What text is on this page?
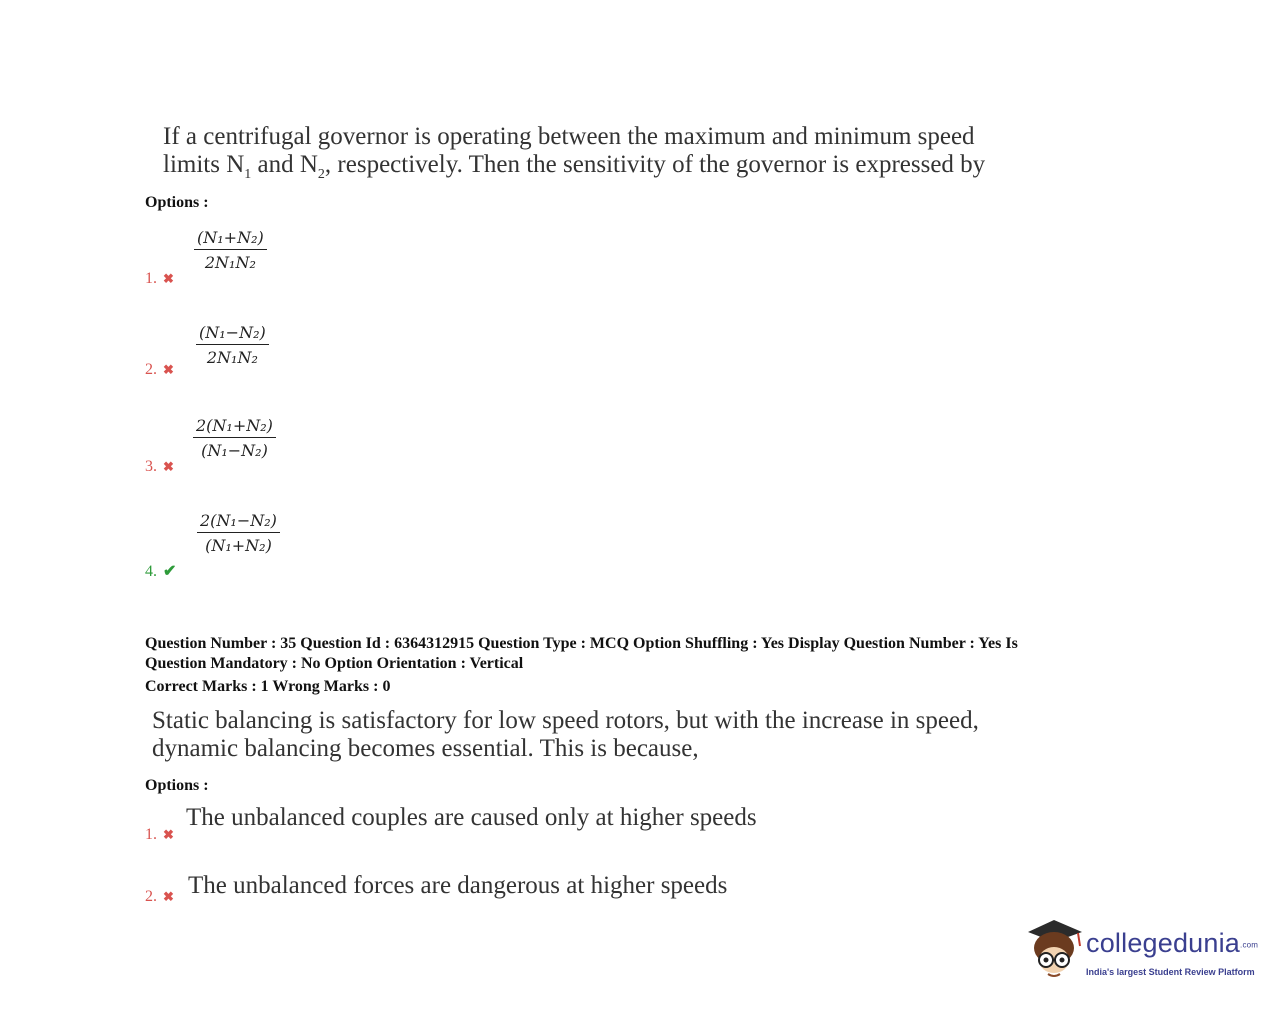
If a centrifugal governor is operating between the maximum and minimum speed
limits $N_1$ and $N_2$, respectively. Then the sensitivity of the governor is expressed by
Options :
$\frac{\text{(N₁+N₂)}}{\text{2N₁N₂}}$
1. ✖
$\frac{\text{(N₁−N₂)}}{\text{2N₁N₂}}$
2. ✖
$\frac{\text{2(N₁+N₂)}}{\text{(N₁−N₂)}}$
3. ✖
$\frac{\text{2(N₁−N₂)}}{\text{(N₁+N₂)}}$
4. ✔
Question Number : 35 Question Id : 6364312915 Question Type : MCQ Option Shuffling : Yes Display Question Number : Yes Is
Question Mandatory : No Option Orientation : Vertical
Correct Marks : 1 Wrong Marks : 0
Static balancing is satisfactory for low speed rotors, but with the increase in speed,
dynamic balancing becomes essential. This is because,
Options :
The unbalanced couples are caused only at higher speeds
1. ✖
The unbalanced forces are dangerous at higher speeds
2. ✖
collegedunia.com
India's largest Student Review Platform
